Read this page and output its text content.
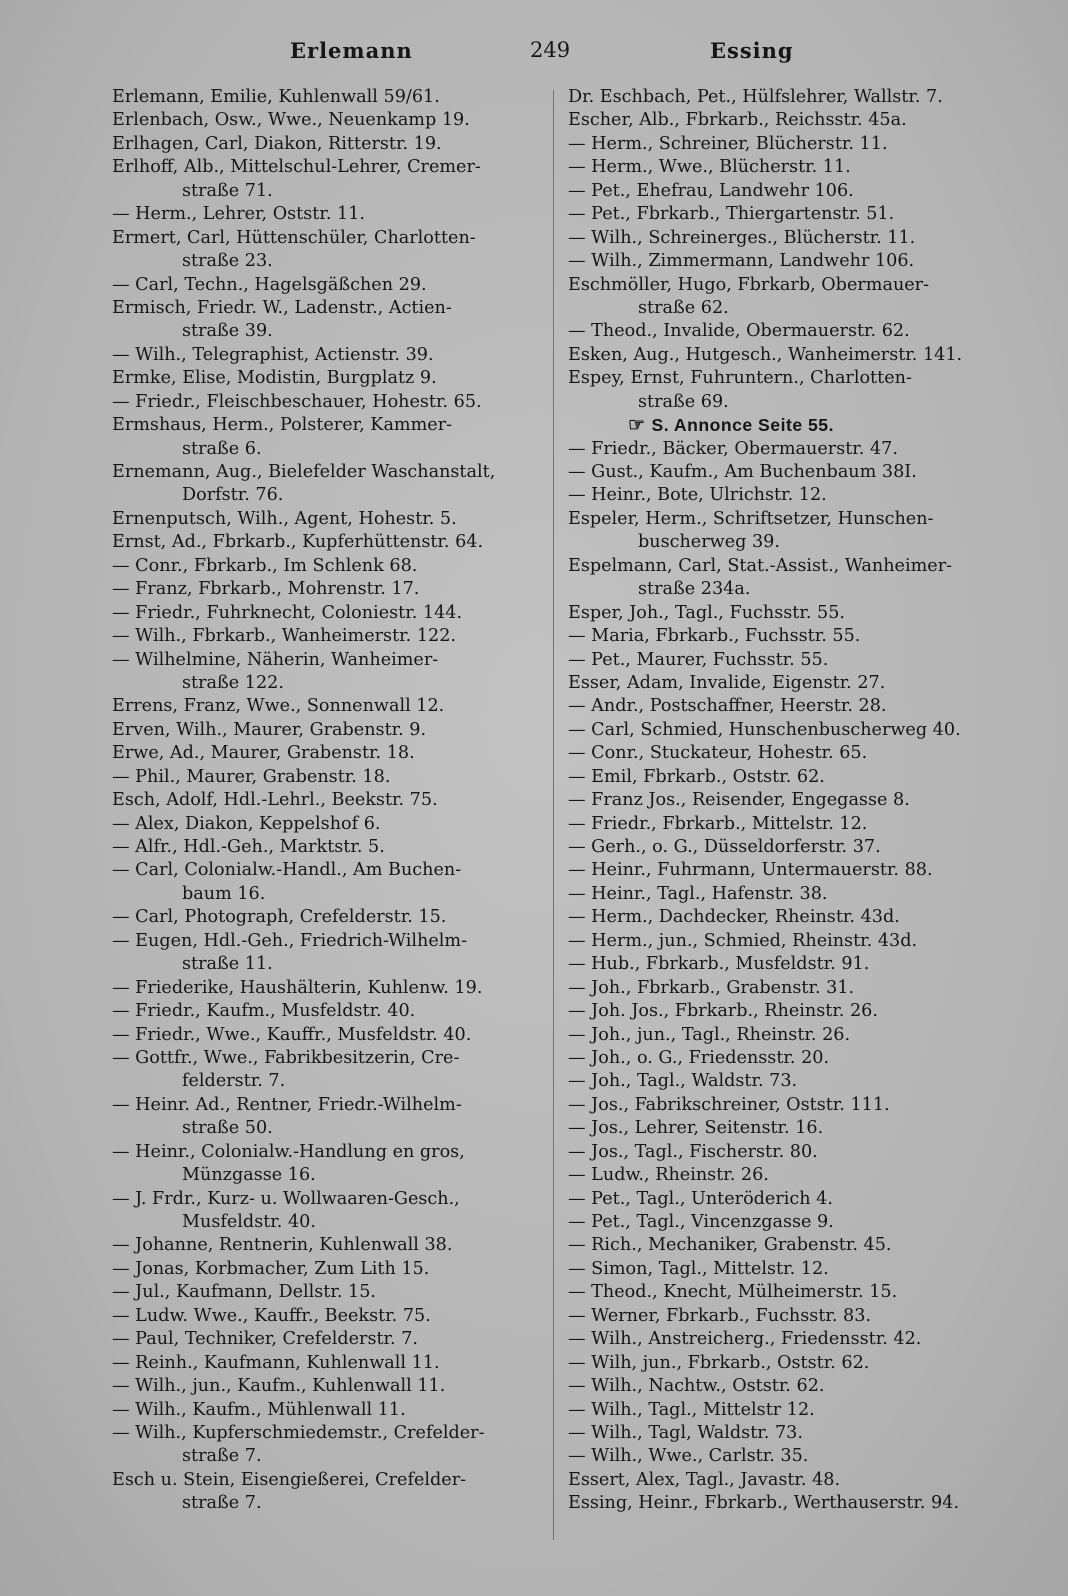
Erlemann	249	Essing
Erlemann, Emilie, Kuhlenwall 59/61.
Erlenbach, Osw., Wwe., Neuenkamp 19.
Erlhagen, Carl, Diakon, Ritterstr. 19.
Erlhoff, Alb., Mittelschul-Lehrer, Cremer-
straße 71.
— Herm., Lehrer, Oststr. 11.
Ermert, Carl, Hüttenschüler, Charlotten-
straße 23.
— Carl, Techn., Hagelsgäßchen 29.
Ermisch, Friedr. W., Ladenstr., Actien-
straße 39.
— Wilh., Telegraphist, Actienstr. 39.
Ermke, Elise, Modistin, Burgplatz 9.
— Friedr., Fleischbeschauer, Hohestr. 65.
Ermshaus, Herm., Polsterer, Kammer-
straße 6.
Ernemann, Aug., Bielefelder Waschanstalt,
Dorfstr. 76.
Ernenputsch, Wilh., Agent, Hohestr. 5.
Ernst, Ad., Fbrkarb., Kupferhüttenstr. 64.
— Conr., Fbrkarb., Im Schlenk 68.
— Franz, Fbrkarb., Mohrenstr. 17.
— Friedr., Fuhrknecht, Coloniestr. 144.
— Wilh., Fbrkarb., Wanheimerstr. 122.
— Wilhelmine, Näherin, Wanheimer-
straße 122.
Errens, Franz, Wwe., Sonnenwall 12.
Erven, Wilh., Maurer, Grabenstr. 9.
Erwe, Ad., Maurer, Grabenstr. 18.
— Phil., Maurer, Grabenstr. 18.
Esch, Adolf, Hdl.-Lehrl., Beekstr. 75.
— Alex, Diakon, Keppelshof 6.
— Alfr., Hdl.-Geh., Marktstr. 5.
— Carl, Colonialw.-Handl., Am Buchen-
baum 16.
— Carl, Photograph, Crefelderstr. 15.
— Eugen, Hdl.-Geh., Friedrich-Wilhelm-
straße 11.
— Friederike, Haushälterin, Kuhlenw. 19.
— Friedr., Kaufm., Musfeldstr. 40.
— Friedr., Wwe., Kauffr., Musfeldstr. 40.
— Gottfr., Wwe., Fabrikbesitzerin, Cre-
felderstr. 7.
— Heinr. Ad., Rentner, Friedr.-Wilhelm-
straße 50.
— Heinr., Colonialw.-Handlung en gros,
Münzgasse 16.
— J. Frdr., Kurz- u. Wollwaaren-Gesch.,
Musfeldstr. 40.
— Johanne, Rentnerin, Kuhlenwall 38.
— Jonas, Korbmacher, Zum Lith 15.
— Jul., Kaufmann, Dellstr. 15.
— Ludw. Wwe., Kauffr., Beekstr. 75.
— Paul, Techniker, Crefelderstr. 7.
— Reinh., Kaufmann, Kuhlenwall 11.
— Wilh., jun., Kaufm., Kuhlenwall 11.
— Wilh., Kaufm., Mühlenwall 11.
— Wilh., Kupferschmiedemstr., Crefelder-
straße 7.
Esch u. Stein, Eisengießerei, Crefelder-
straße 7.
Dr. Eschbach, Pet., Hülfslehrer, Wallstr. 7.
Escher, Alb., Fbrkarb., Reichsstr. 45a.
— Herm., Schreiner, Blücherstr. 11.
— Herm., Wwe., Blücherstr. 11.
— Pet., Ehefrau, Landwehr 106.
— Pet., Fbrkarb., Thiergartenstr. 51.
— Wilh., Schreinerges., Blücherstr. 11.
— Wilh., Zimmermann, Landwehr 106.
Eschmöller, Hugo, Fbrkarb, Obermauer-
straße 62.
— Theod., Invalide, Obermauerstr. 62.
Esken, Aug., Hutgesch., Wanheimerstr. 141.
Espey, Ernst, Fuhruntern., Charlotten-
straße 69.
☞ S. Annonce Seite 55.
— Friedr., Bäcker, Obermauerstr. 47.
— Gust., Kaufm., Am Buchenbaum 38I.
— Heinr., Bote, Ulrichstr. 12.
Espeler, Herm., Schriftsetzer, Hunschen-
buscherweg 39.
Espelmann, Carl, Stat.-Assist., Wanheimer-
straße 234a.
Esper, Joh., Tagl., Fuchsstr. 55.
— Maria, Fbrkarb., Fuchsstr. 55.
— Pet., Maurer, Fuchsstr. 55.
Esser, Adam, Invalide, Eigenstr. 27.
— Andr., Postschaffner, Heerstr. 28.
— Carl, Schmied, Hunschenbuscherweg 40.
— Conr., Stuckateur, Hohestr. 65.
— Emil, Fbrkarb., Oststr. 62.
— Franz Jos., Reisender, Engegasse 8.
— Friedr., Fbrkarb., Mittelstr. 12.
— Gerh., o. G., Düsseldorferstr. 37.
— Heinr., Fuhrmann, Untermauerstr. 88.
— Heinr., Tagl., Hafenstr. 38.
— Herm., Dachdecker, Rheinstr. 43d.
— Herm., jun., Schmied, Rheinstr. 43d.
— Hub., Fbrkarb., Musfeldstr. 91.
— Joh., Fbrkarb., Grabenstr. 31.
— Joh. Jos., Fbrkarb., Rheinstr. 26.
— Joh., jun., Tagl., Rheinstr. 26.
— Joh., o. G., Friedensstr. 20.
— Joh., Tagl., Waldstr. 73.
— Jos., Fabrikschreiner, Oststr. 111.
— Jos., Lehrer, Seitenstr. 16.
— Jos., Tagl., Fischerstr. 80.
— Ludw., Rheinstr. 26.
— Pet., Tagl., Unteröderich 4.
— Pet., Tagl., Vincenzgasse 9.
— Rich., Mechaniker, Grabenstr. 45.
— Simon, Tagl., Mittelstr. 12.
— Theod., Knecht, Mülheimerstr. 15.
— Werner, Fbrkarb., Fuchsstr. 83.
— Wilh., Anstreicherg., Friedensstr. 42.
— Wilh, jun., Fbrkarb., Oststr. 62.
— Wilh., Nachtw., Oststr. 62.
— Wilh., Tagl., Mittelstr 12.
— Wilh., Tagl, Waldstr. 73.
— Wilh., Wwe., Carlstr. 35.
Essert, Alex, Tagl., Javastr. 48.
Essing, Heinr., Fbrkarb., Werthauserstr. 94.
